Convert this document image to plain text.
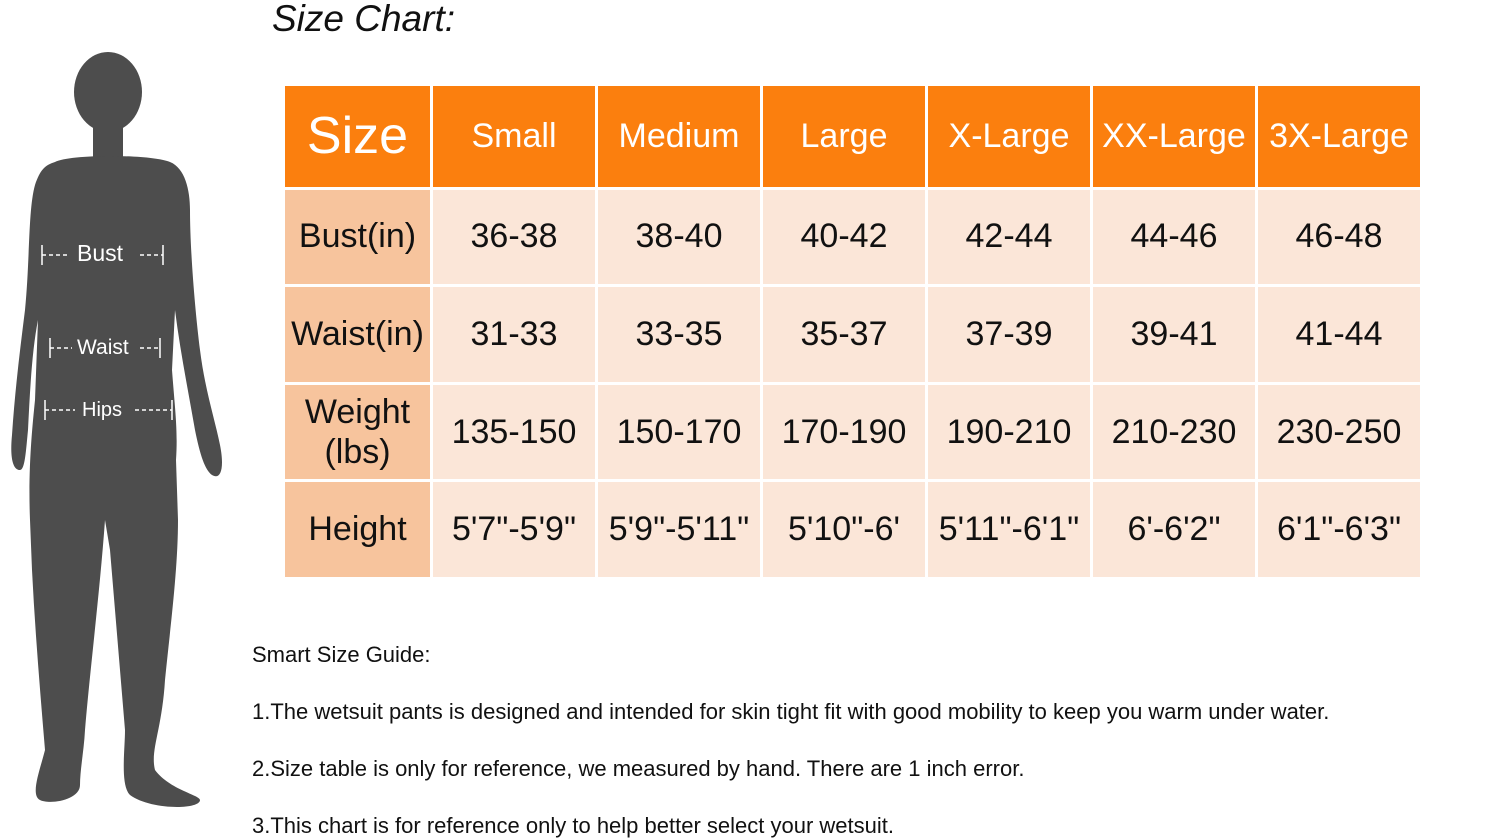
Size Chart:
Bust
Waist
Hips
Size	Small	Medium	Large	X-Large	XX-Large	3X-Large
Bust(in)	36-38	38-40	40-42	42-44	44-46	46-48
Waist(in)	31-33	33-35	35-37	37-39	39-41	41-44

Weight
(lbs)	135-150	150-170	170-190	190-210	210-230	230-250
Height	5'7"-5'9"	5'9"-5'11"	5'10"-6'	5'11"-6'1"	6'-6'2"	6'1"-6'3"
Smart Size Guide:
1.The wetsuit pants is designed and intended for skin tight fit with good mobility to keep you warm under water.
2.Size table is only for reference, we measured by hand. There are 1 inch error.
3.This chart is for reference only to help better select your wetsuit.
